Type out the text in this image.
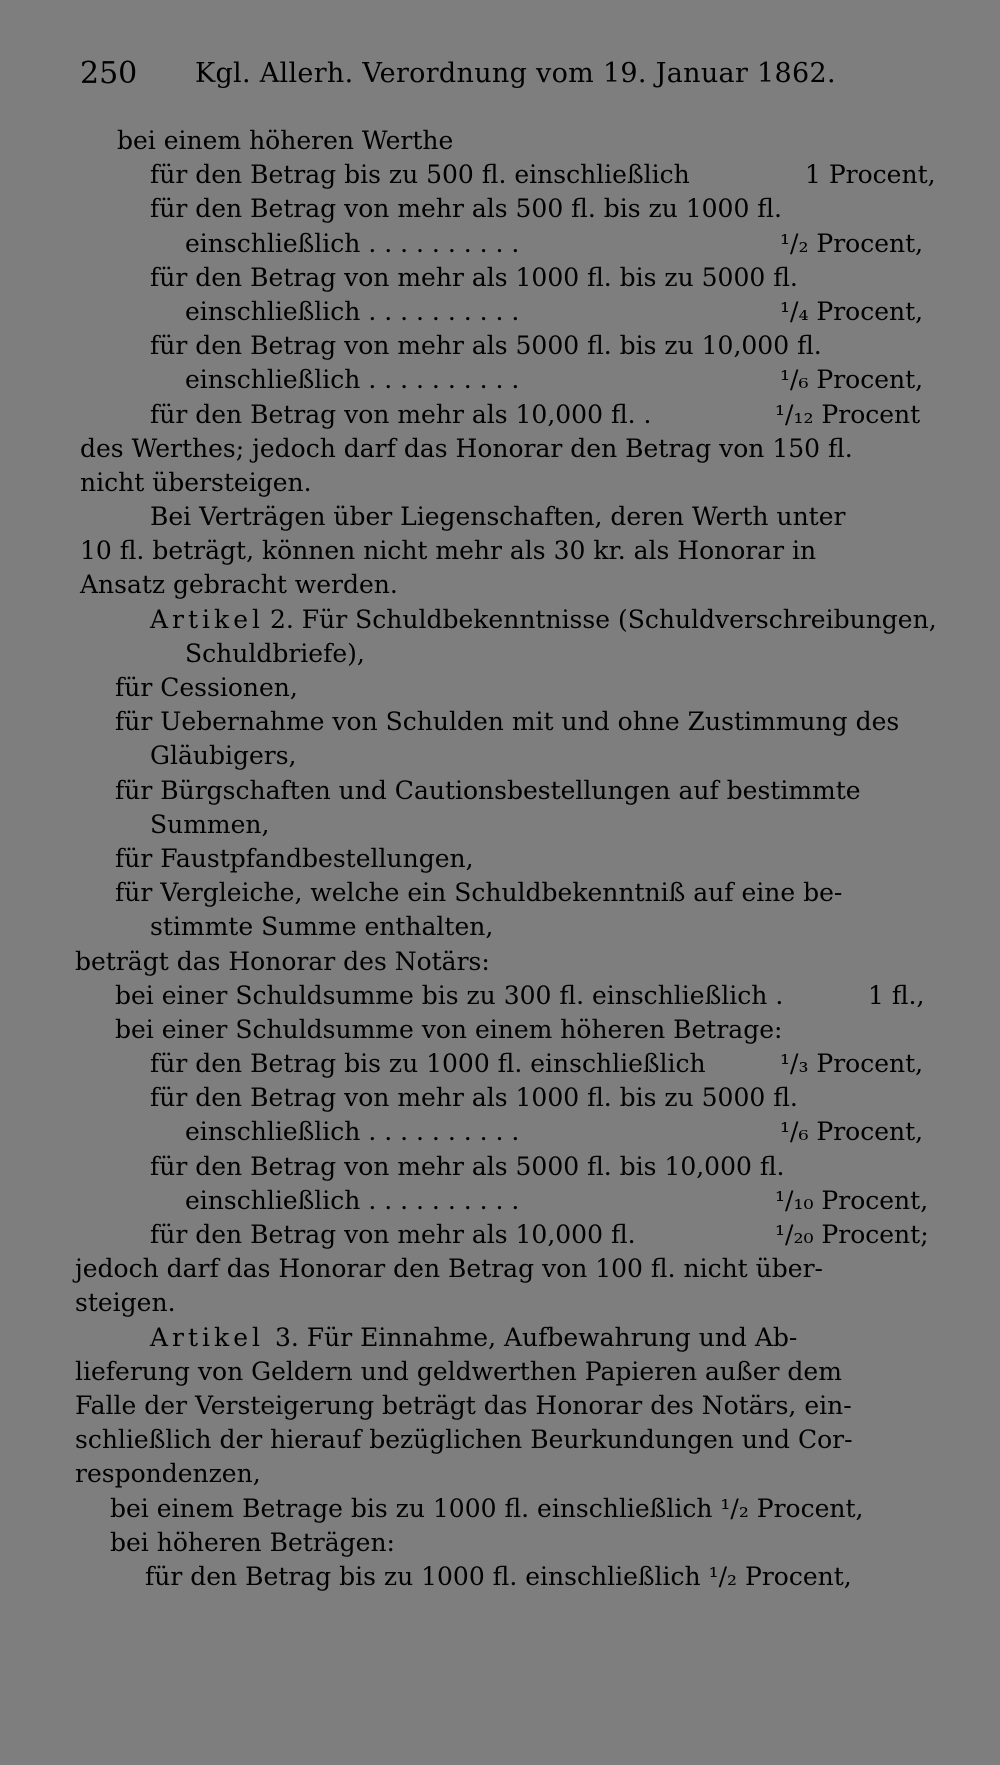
250 Kgl. Allerh. Verordnung vom 19. Januar 1862.
bei einem höheren Werthe
für den Betrag bis zu 500 fl. einschließlich	1 Procent,
für den Betrag von mehr als 500 fl. bis zu 1000 fl.
einschließlich . . . . . . . . . .	¹/₂ Procent,
für den Betrag von mehr als 1000 fl. bis zu 5000 fl.
einschließlich . . . . . . . . . .	¹/₄ Procent,
für den Betrag von mehr als 5000 fl. bis zu 10,000 fl.
einschließlich . . . . . . . . . .	¹/₆ Procent,
für den Betrag von mehr als 10,000 fl. .	¹/₁₂ Procent
des Werthes; jedoch darf das Honorar den Betrag von 150 fl.
nicht übersteigen.
Bei Verträgen über Liegenschaften, deren Werth unter
10 fl. beträgt, können nicht mehr als 30 kr. als Honorar in
Ansatz gebracht werden.
Artikel 2. Für Schuldbekenntnisse (Schuldverschreibungen,
Schuldbriefe),
für Cessionen,
für Uebernahme von Schulden mit und ohne Zustimmung des
Gläubigers,
für Bürgschaften und Cautionsbestellungen auf bestimmte
Summen,
für Faustpfandbestellungen,
für Vergleiche, welche ein Schuldbekenntniß auf eine be-
stimmte Summe enthalten,
beträgt das Honorar des Notärs:
bei einer Schuldsumme bis zu 300 fl. einschließlich .	1 fl.,
bei einer Schuldsumme von einem höheren Betrage:
für den Betrag bis zu 1000 fl. einschließlich	¹/₃ Procent,
für den Betrag von mehr als 1000 fl. bis zu 5000 fl.
einschließlich . . . . . . . . . .	¹/₆ Procent,
für den Betrag von mehr als 5000 fl. bis 10,000 fl.
einschließlich . . . . . . . . . .	¹/₁₀ Procent,
für den Betrag von mehr als 10,000 fl.	¹/₂₀ Procent;
jedoch darf das Honorar den Betrag von 100 fl. nicht über-
steigen.
Artikel 3. Für Einnahme, Aufbewahrung und Ab-
lieferung von Geldern und geldwerthen Papieren außer dem
Falle der Versteigerung beträgt das Honorar des Notärs, ein-
schließlich der hierauf bezüglichen Beurkundungen und Cor-
respondenzen,
bei einem Betrage bis zu 1000 fl. einschließlich ¹/₂ Procent,
bei höheren Beträgen:
für den Betrag bis zu 1000 fl. einschließlich ¹/₂ Procent,
